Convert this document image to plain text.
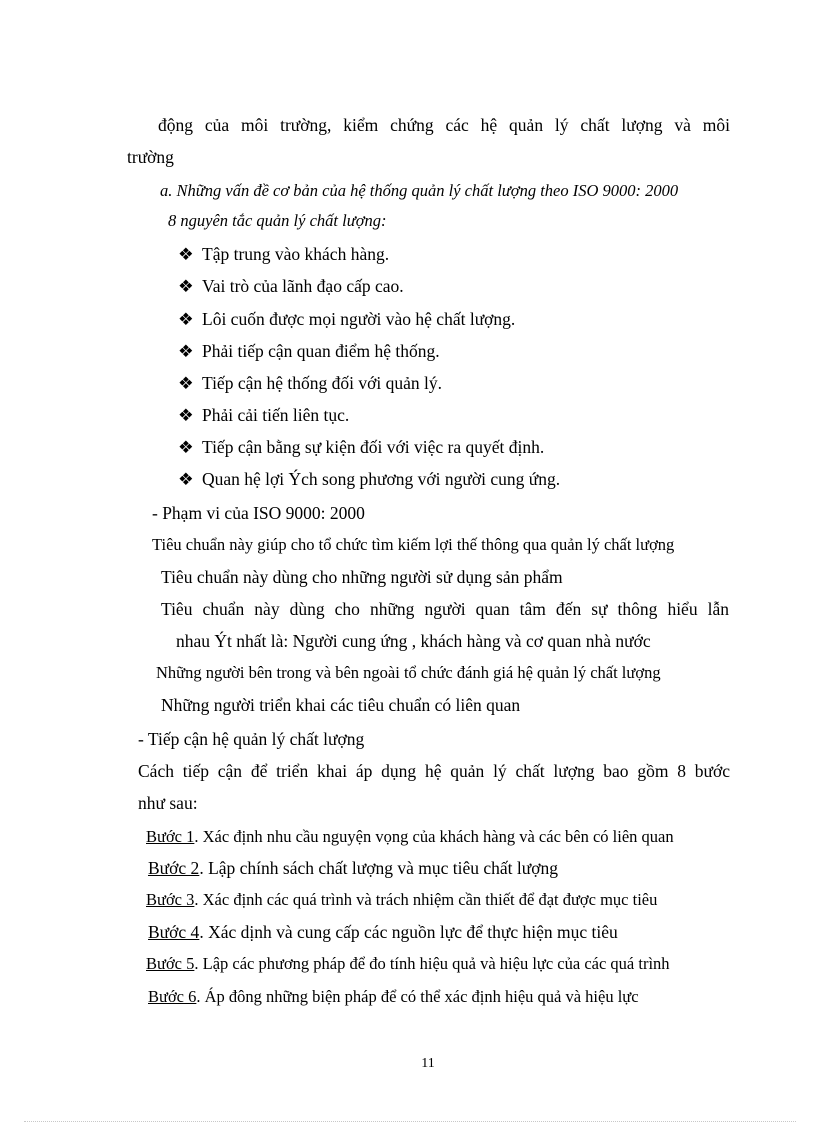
động của môi trường, kiểm chứng các hệ quản lý chất lượng và môi
trường
a. Những vấn đề cơ bản của hệ thống quản lý chất lượng theo ISO 9000: 2000
8 nguyên tắc quản lý chất lượng:
❖ Tập trung vào khách hàng.
❖ Vai trò của lãnh đạo cấp cao.
❖ Lôi cuốn được mọi người vào hệ chất lượng.
❖ Phải tiếp cận quan điểm hệ thống.
❖ Tiếp cận hệ thống đối với quản lý.
❖ Phải cải tiến liên tục.
❖ Tiếp cận bằng sự kiện đối với việc ra quyết định.
❖ Quan hệ lợi Ých song phương với người cung ứng.
- Phạm vi của ISO 9000: 2000
Tiêu chuẩn này giúp cho tổ chức tìm kiếm lợi thế thông qua quản lý chất lượng
Tiêu chuẩn này dùng cho những người sử dụng sản phẩm
Tiêu chuẩn này dùng cho những người quan tâm đến sự thông hiểu lẫn
nhau Ýt nhất là: Người cung ứng , khách hàng và cơ quan nhà nước
Những người bên trong và bên ngoài tổ chức đánh giá hệ quản lý chất lượng
Những người triển khai các tiêu chuẩn có liên quan
- Tiếp cận hệ quản lý chất lượng
Cách tiếp cận để triển khai áp dụng hệ quản lý chất lượng bao gồm 8 bước
như sau:
Bước 1. Xác định nhu cầu nguyện vọng của khách hàng và các bên có liên quan
Bước 2. Lập chính sách chất lượng và mục tiêu chất lượng
Bước 3. Xác định các quá trình và trách nhiệm cần thiết để đạt được mục tiêu
Bước 4. Xác dịnh và cung cấp các nguồn lực để thực hiện mục tiêu
Bước 5. Lập các phương pháp để đo tính hiệu quả và hiệu lực của các quá trình
Bước 6. Áp đông những biện pháp để có thể xác định hiệu quả và hiệu lực
11
